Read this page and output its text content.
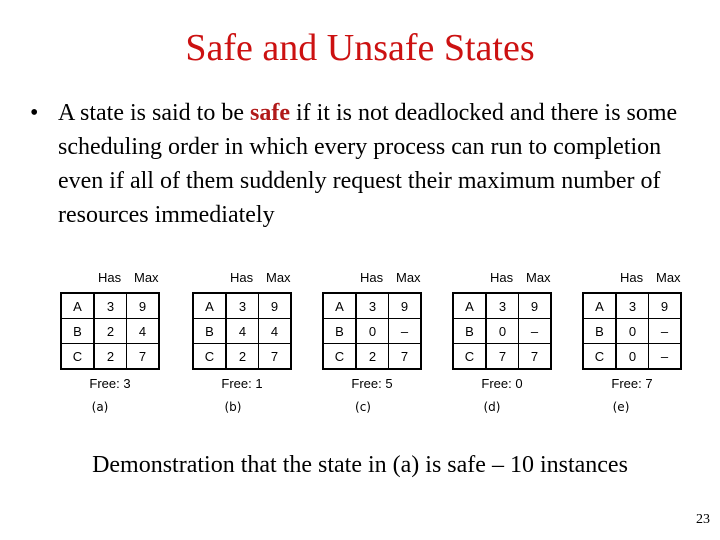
Safe and Unsafe States
• A state is said to be safe if it is not deadlocked and there is some scheduling order in which every process can run to completion even if all of them suddenly request their maximum number of resources immediately
Has Max
A	3	9
B	2	4
C	2	7
Free: 3
Has Max
A	3	9
B	4	4
C	2	7
Free: 1
Has Max
A	3	9
B	0	–
C	2	7
Free: 5
Has Max
A	3	9
B	0	–
C	7	7
Free: 0
Has Max
A	3	9
B	0	–
C	0	–
Free: 7
Demonstration that the state in (a) is safe – 10 instances
23
(a)	(b)	(c)	(d)	(e)
